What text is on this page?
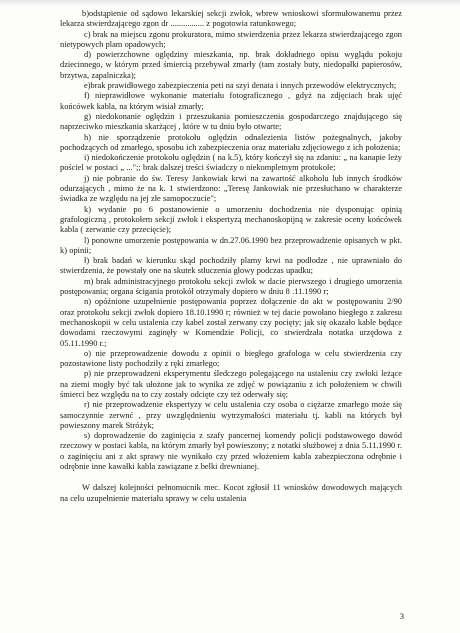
b)odstąpienie od sądowo lekarskiej sekcji zwłok, wbrew wnioskowi sformułowanemu przez lekarza stwierdzającego zgon dr ................ z pogotowia ratunkowego;

c) brak na miejscu zgonu prokuratora, mimo stwierdzenia przez lekarza stwierdzającego zgon nietypowych plam opadowych;

d) powierzchowne oględziny mieszkania, np. brak dokładnego opisu wyglądu pokoju dziecinnego, w którym przed śmiercią przebywał zmarły (tam zostały buty, niedopałki papierosów, brzytwa, zapalniczka);

e)brak prawidłowego zabezpieczenia peti na szyi denata i innych przewodów elektrycznych;

f) nieprawidłowe wykonanie materiału fotograficznego , gdyż na zdjęciach brak ujęć końcówek kabla, na którym wisiał zmarły;

g) niedokonanie oględzin i przeszukania pomieszczenia gospodarczego znajdującego się naprzeciwko mieszkania skarżącej , które w tu dniu było otwarte;

h) nie sporządzenie protokołu oględzin odnalezienia listów pożegnalnych, jakoby pochodzących od zmarłego, sposobu ich zabezpieczenia oraz materiału zdjęciowego z ich położenia;

i) niedokończenie protokołu oględzin ( na k.5), który kończył się na zdaniu: „ na kanapie leży pościel w postaci „ ...";; brak dalszej treści świadczy o niekompletnym protokole;

j) nie pobranie do św. Teresy Jankowiak krwi na zawartość alkoholu lub innych środków odurzających , mimo że na k. 1 stwierdzono: „Teresę Jankowiak nie przesłuchano w charakterze świadka ze względu na jej złe samopoczucie";

k) wydanie po 6 postanowienie o umorzeniu dochodzenia nie dysponując opinią grafologiczną , protokołem sekcji zwłok i ekspertyzą mechanoskopijną w zakresie oceny końcówek kabla ( zerwanie czy przecięcie);

l) ponowne umorzenie postępowania w dn.27.06.1990 bez przeprowadzenie opisanych w pkt. k) opinii;

ł) brak badań w kierunku skąd pochodziły plamy krwi na podłodze , nie uprawniało do stwierdzenia, że powstały one na skutek stłuczenia głowy podczas upadku;

m) brak administracyjnego protokołu sekcji zwłok w dacie pierwszego i drugiego umorzenia postępowania; organa ścigania protokół otrzymały dopiero w dniu 8 .11.1990 r;

n) opóźnione uzupełnienie postępowania poprzez dołączenie do akt w postępowaniu 2/90 oraz protokołu sekcji zwłok dopiero 18.10.1990 r; również w tej dacie powołano biegłego z zakresu mechanoskopii w celu ustalenia czy kabel został zerwany czy pocięty; jak się okazało kable będące dowodami rzeczowymi zaginęły w Komendzie Policji, co stwierdzała notatka urzędowa z 05.11.1990 r.;

o) nie przeprowadzenie dowodu z opinii o biegłego grafologa w celu stwierdzenia czy pozostawione listy pochodziły z ręki zmarłego;

p) nie przeprowadzeni eksperymentu śledczego polegającego na ustaleniu czy zwłoki leżące na ziemi mogły być tak ułożone jak to wynika ze zdjęć w powiązaniu z ich położeniem w chwili śmierci bez względu na to czy zostały odcięte czy też oderwały się;

r) nie przeprowadzenie ekspertyzy w celu ustalenia czy osoba o ciężarze zmarłego może się samoczynnie zerwnć , przy uwzględnieniu wytrzymałości materiału tj. kabli na których był powieszony marek Stróżyk;

s) doprowadzenie do zaginięcia z szafy pancernej komendy policji podstawowego dowód rzeczowy w postaci kabla, na którym zmarły był powieszony; z notatki służbowej z dnia 5.11.1990 r. o zaginięciu ani z akt sprawy nie wynikało czy przed włożeniem kabla zabezpieczona odrębnie i odrębnie inne kawałki kabla zawiązane z belki drewnianej.

W dalszej kolejności pełnomocnik mec. Kocot zgłosił 11 wniosków dowodowych mających na celu uzupełnienie materiału sprawy w celu ustalenia

3
